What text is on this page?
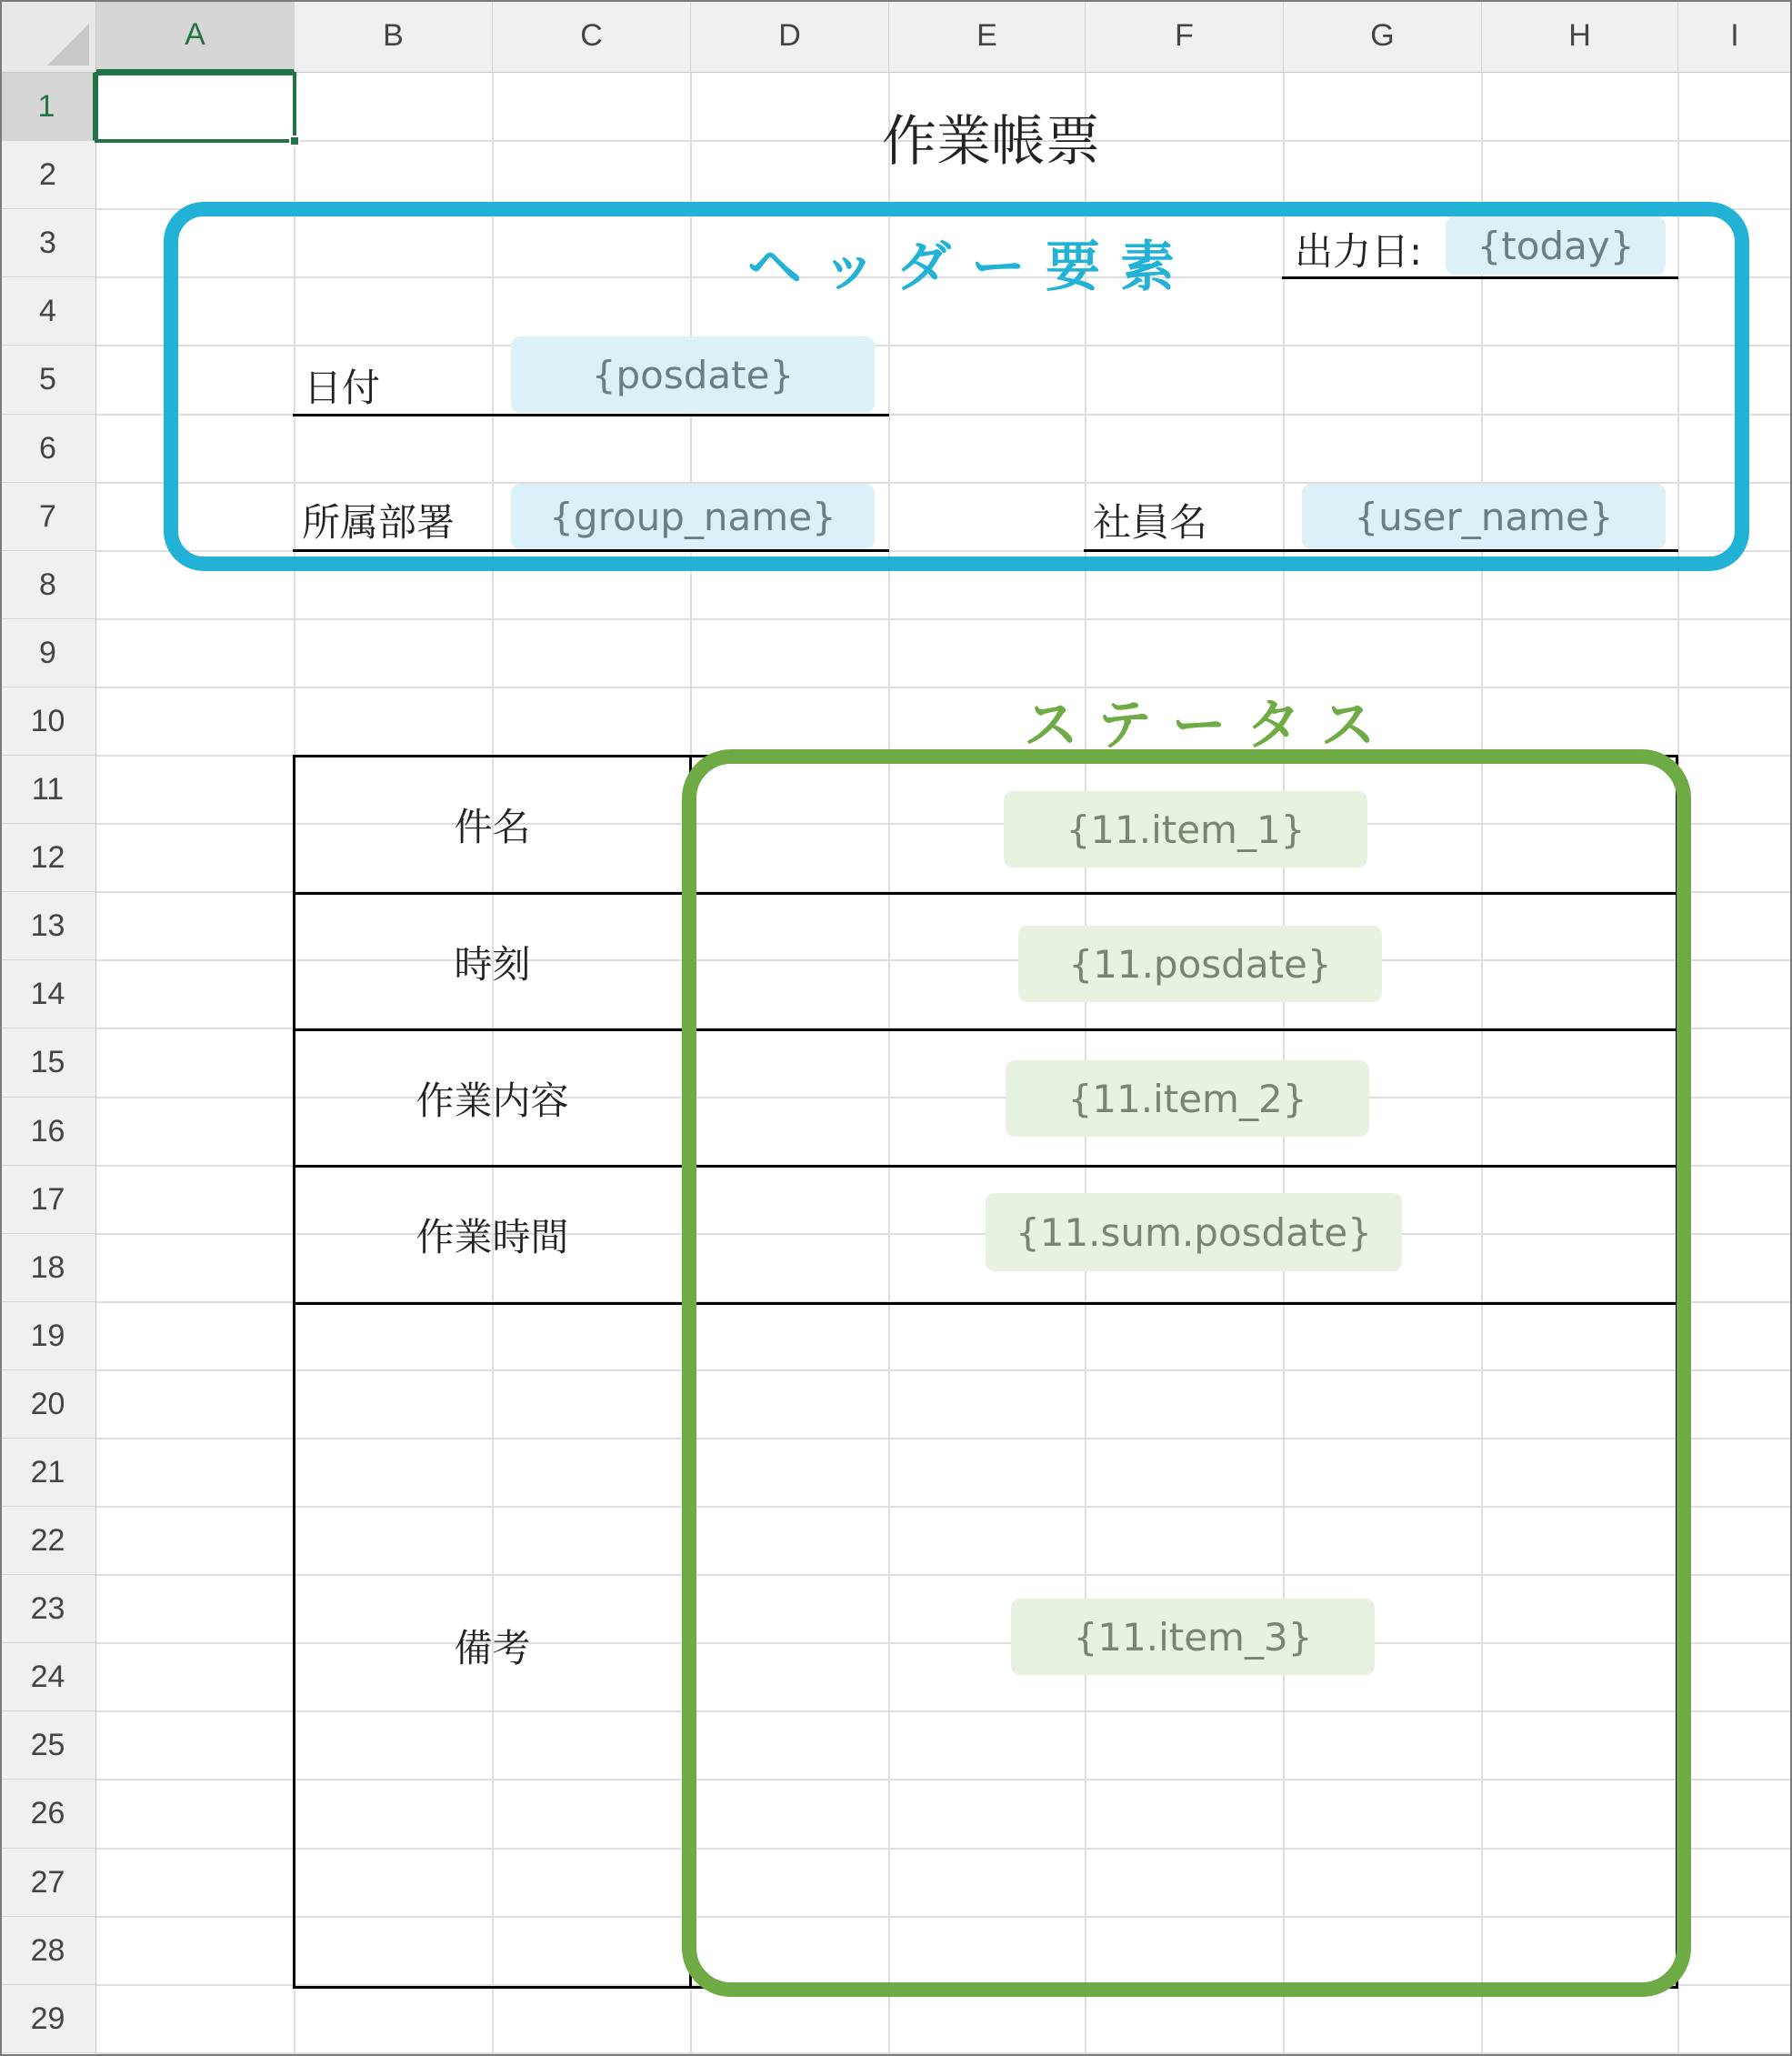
A	B	C	D	E	F	G	H	I
1
2
3
4
5
6
7
8
9
10
11
12
13
14
15
16
17
18
19
20
21
22
23
24
25
26
27
28
29
作業帳票
出力日:	{today}
日付	{posdate}
所属部署	{group_name}	社員名	{user_name}
件名	{11.item_1}
時刻	{11.posdate}
作業内容	{11.item_2}
作業時間	{11.sum.posdate}
備考	{11.item_3}
ヘッダー要素
ステータス
